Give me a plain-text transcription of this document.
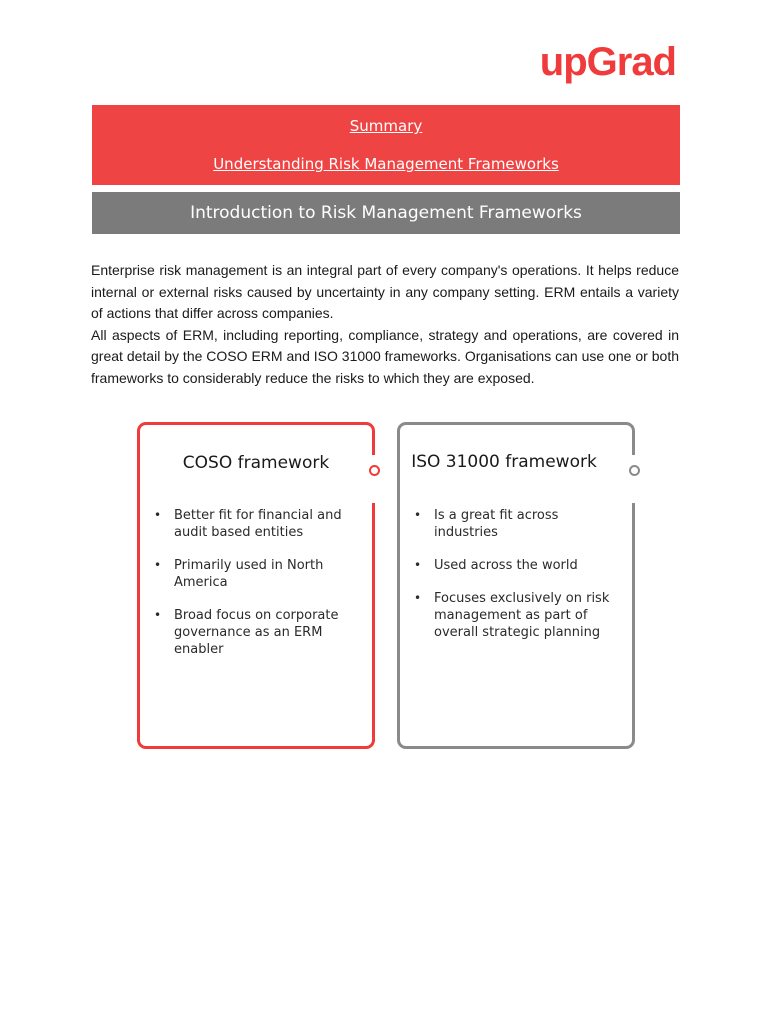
upGrad
Summary
Understanding Risk Management Frameworks
Introduction to Risk Management Frameworks

Enterprise risk management is an integral part of every company's operations. It helps reduce internal or external risks caused by uncertainty in any company setting. ERM entails a variety of actions that differ across companies.

All aspects of ERM, including reporting, compliance, strategy and operations, are covered in great detail by the COSO ERM and ISO 31000 frameworks. Organisations can use one or both frameworks to considerably reduce the risks to which they are exposed.

COSO framework
• Better fit for financial and audit based entities
• Primarily used in North America
• Broad focus on corporate governance as an ERM enabler
ISO 31000 framework
• Is a great fit across industries
• Used across the world
• Focuses exclusively on risk management as part of overall strategic planning
